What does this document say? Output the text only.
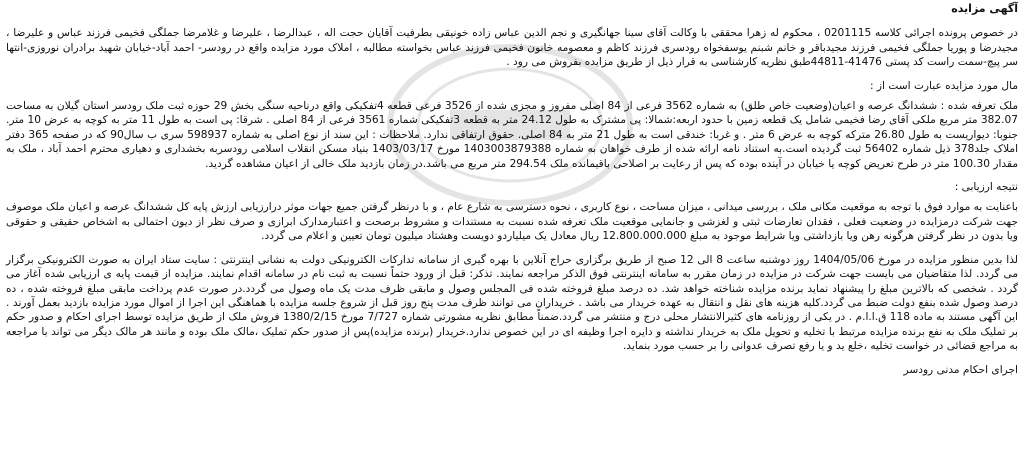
آگهی مزایده

در خصوص پرونده اجرائی کلاسه 0201115 ، محکوم له زهرا محققی با وکالت آقای سینا جهانگیری و نجم الدین عباس زاده خونیقی بطرفیت آقایان حجت اله ، عبدالرضا ، علیرضا و غلامرضا جملگی فخیمی فرزند عباس و علیرضا ، مجیدرضا و پوریا جملگی فخیمی فرزند مجیدباقر و خانم شبنم یوسفخواه رودسری فرزند کاظم و معصومه خانون فخیمی فرزند عباس بخواسته مطالبه ، املاک مورد مزایده واقع در رودسر- احمد آباد-خیابان شهید برادران نوروزی-انتها سر پیچ-سمت راست کد پستی 41476-44811طبق نظریه کارشناسی به قرار ذیل از طریق مزایده بفروش می رود .

مال مورد مزایده عبارت است از :

ملک تعرفه شده : ششدانگ عرصه و اعیان(وضعیت خاص طلق) به شماره 3562 فرعی از 84 اصلی مفروز و مجزی شده از 3526 فرعی قطعه 4تفکیکی واقع درناحیه سنگی بخش 29 حوزه ثبت ملک رودسر استان گیلان به مساحت 382.07 متر مربع ملکی آقای رضا فخیمی شامل یک قطعه زمین با حدود اربعه:شمالا: پی مشترک به طول 24.12 متر به قطعه 3تفکیکی شماره 3561 فرعی از 84 اصلی . شرقا: پی است به طول 11 متر به کوچه به عرض 10 متر. جنوبا: دیواریست به طول 26.80 مترکه کوچه به عرض 6 متر . و غربا: خندقی است به طول 21 متر به 84 اصلی. حقوق ارتفاقی ندارد. ملاحظات : این سند از نوع اصلی به شماره 598937 سری ب سال90 که در صفحه 365 دفتر املاک جلد378 ذیل شماره 56402 ثبت گردیده است.به استناد نامه ارائه شده از طرف خواهان به شماره 1403003879388 مورخ 1403/03/17 بنیاد مسکن انقلاب اسلامی رودسربه بخشداری و دهیاری محترم احمد آباد ، ملک به مقدار 100.30 متر در طرح تعریض کوچه یا خیابان در آینده بوده که پس از رعایت بر اصلاحی باقیمانده ملک 294.54 متر مربع می باشد.در زمان بازدید ملک خالی از اعیان مشاهده گردید.

نتیجه ارزیابی :

باعنایت به موارد فوق با توجه به موقعیت مکانی ملک ، بررسی میدانی ، میزان مساحت ، نوع کاربری ، نحوه دسترسی به شارع عام ، و با درنظر گرفتن جمیع جهات موثر درارزیابی ارزش پایه کل ششدانگ عرصه و اعیان ملک موصوف جهت شرکت درمزایده در وضعیت فعلی ، فقدان تعارضات ثبتی و لغزشی و جانمایی موقعیت ملک تعرفه شده نسبت به مستندات و مشروط برصحت و اعتبارمدارک ابرازی و صرف نظر از دیون احتمالی به اشخاص حقیقی و حقوقی ویا بدون در نظر گرفتن هرگونه رهن ویا بازداشتی ویا شرایط موجود به مبلغ 12.800.000.000 ریال معادل یک میلیاردو دویست وهشتاد میلیون تومان تعیین و اعلام می گردد.

لذا بدین منظور مزایده در مورخ 1404/05/06 روز دوشنبه ساعت 8 الی 12 صبح از طریق برگزاری حراج آنلاین با بهره گیری از سامانه تدارکات الکترونیکی دولت به نشانی اینترنتی : سایت ستاد ایران به صورت الکترونیکی برگزار می گردد. لذا متقاضیان می بایست جهت شرکت در مزایده در زمان مقرر به سامانه اینترنتی فوق الذکر مراجعه نمایند. تذکر: قبل از ورود حتماً نسبت به ثبت نام در سامانه اقدام نمایند. مزایده از قیمت پایه ی ارزیابی شده آغاز می گردد . شخصی که بالاترین مبلغ را پیشنهاد نماید برنده مزایده شناخته خواهد شد. ده درصد مبلغ فروخته شده فی المجلس وصول و مابقی ظرف مدت یک ماه وصول می گردد.در صورت عدم پرداخت مابقی مبلغ فروخته شده ، ده درصد وصول شده بنفع دولت ضبط می گردد.کلیه هزینه های نقل و انتقال به عهده خریدار می باشد . خریداران می توانند ظرف مدت پنج روز قبل از شروع جلسه مزایده با هماهنگی این اجرا از اموال مورد مزایده بازدید بعمل آورند . این آگهی مستند به ماده 118 ق.ا.ا.م . در یکی از روزنامه های کثیرالانتشار محلی درج و منتشر می گردد.ضمناً مطابق نظریه مشورتی شماره 7/727 مورخ 1380/2/15 فروش ملک از طریق مزایده توسط اجرای احکام و صدور حکم بر تملیک ملک به نفع برنده مزایده مرتبط با تخلیه و تحویل ملک به خریدار نداشته و دایره اجرا وظیفه ای در این خصوص ندارد.خریدار (برنده مزایده)پس از صدور حکم تملیک ،مالک ملک بوده و مانند هر مالک دیگر می تواند با مراجعه به مراجع قضائی در خواست تخلیه ،خلع ید و یا رفع تصرف عدوانی را بر حسب مورد بنماید.

اجرای احکام مدنی رودسر
